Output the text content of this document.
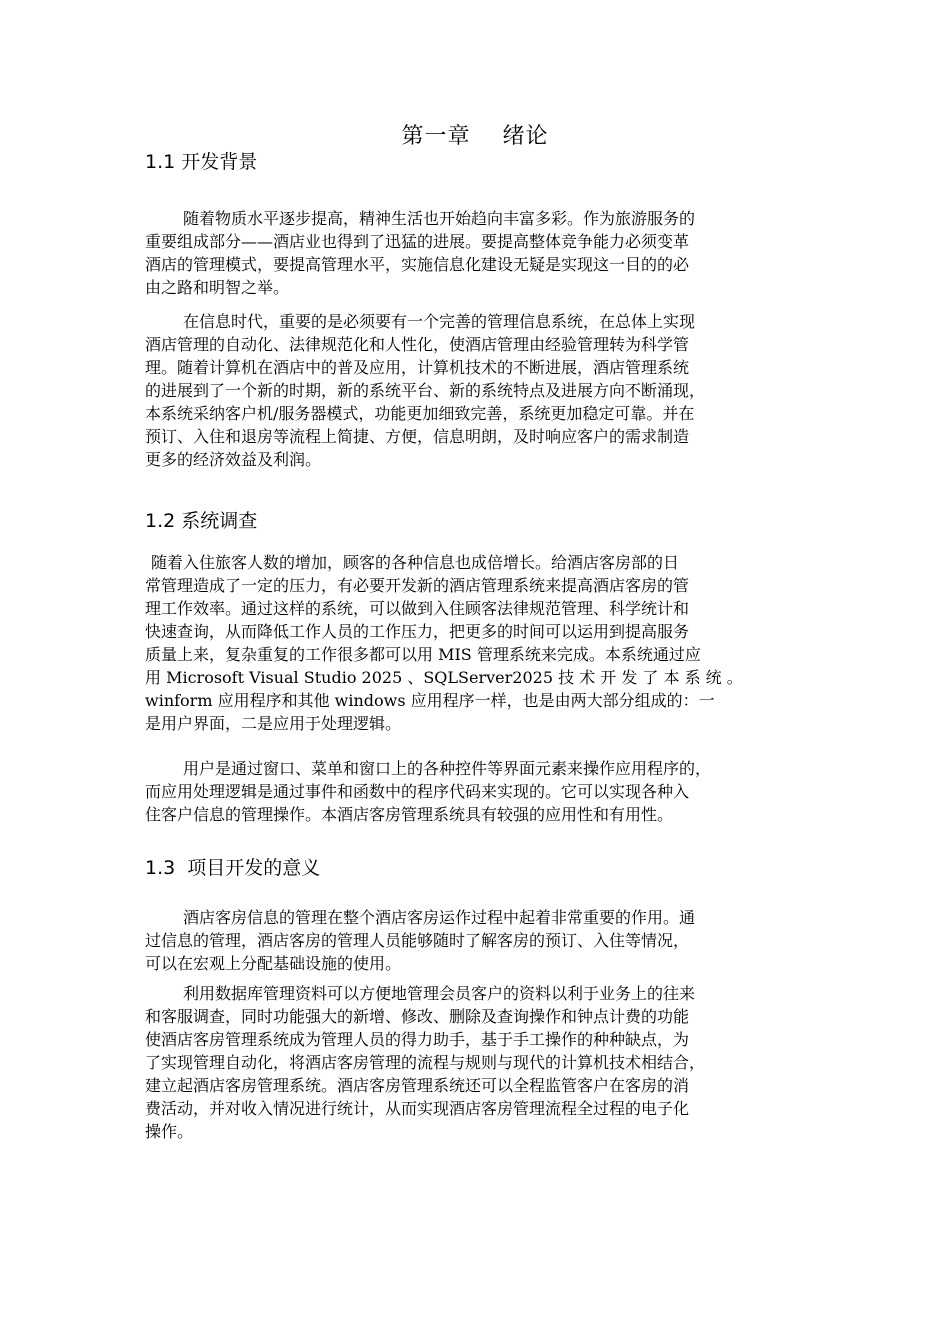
第一章    绪论
1.1 开发背景
随着物质水平逐步提高，精神生活也开始趋向丰富多彩。作为旅游服务的
重要组成部分——酒店业也得到了迅猛的进展。要提高整体竞争能力必须变革
酒店的管理模式，要提高管理水平，实施信息化建设无疑是实现这一目的的必
由之路和明智之举。
在信息时代，重要的是必须要有一个完善的管理信息系统，在总体上实现
酒店管理的自动化、法律规范化和人性化，使酒店管理由经验管理转为科学管
理。随着计算机在酒店中的普及应用，计算机技术的不断进展，酒店管理系统
的进展到了一个新的时期，新的系统平台、新的系统特点及进展方向不断涌现，
本系统采纳客户机/服务器模式，功能更加细致完善，系统更加稳定可靠。并在
预订、入住和退房等流程上简捷、方便，信息明朗，及时响应客户的需求制造
更多的经济效益及利润。
1.2 系统调查
随着入住旅客人数的增加，顾客的各种信息也成倍增长。给酒店客房部的日
常管理造成了一定的压力，有必要开发新的酒店管理系统来提高酒店客房的管
理工作效率。通过这样的系统，可以做到入住顾客法律规范管理、科学统计和
快速查询，从而降低工作人员的工作压力，把更多的时间可以运用到提高服务
质量上来，复杂重复的工作很多都可以用 MIS 管理系统来完成。本系统通过应
用 Microsoft Visual Studio 2025 、SQLServer2025 技 术 开 发 了 本 系 统 。
winform 应用程序和其他 windows 应用程序一样，也是由两大部分组成的：一
是用户界面，二是应用于处理逻辑。
用户是通过窗口、菜单和窗口上的各种控件等界面元素来操作应用程序的，
而应用处理逻辑是通过事件和函数中的程序代码来实现的。它可以实现各种入
住客户信息的管理操作。本酒店客房管理系统具有较强的应用性和有用性。
1.3  项目开发的意义
酒店客房信息的管理在整个酒店客房运作过程中起着非常重要的作用。通
过信息的管理，酒店客房的管理人员能够随时了解客房的预订、入住等情况，
可以在宏观上分配基础设施的使用。
利用数据库管理资料可以方便地管理会员客户的资料以利于业务上的往来
和客服调查，同时功能强大的新增、修改、删除及查询操作和钟点计费的功能
使酒店客房管理系统成为管理人员的得力助手，基于手工操作的种种缺点，为
了实现管理自动化，将酒店客房管理的流程与规则与现代的计算机技术相结合，
建立起酒店客房管理系统。酒店客房管理系统还可以全程监管客户在客房的消
费活动，并对收入情况进行统计，从而实现酒店客房管理流程全过程的电子化
操作。
